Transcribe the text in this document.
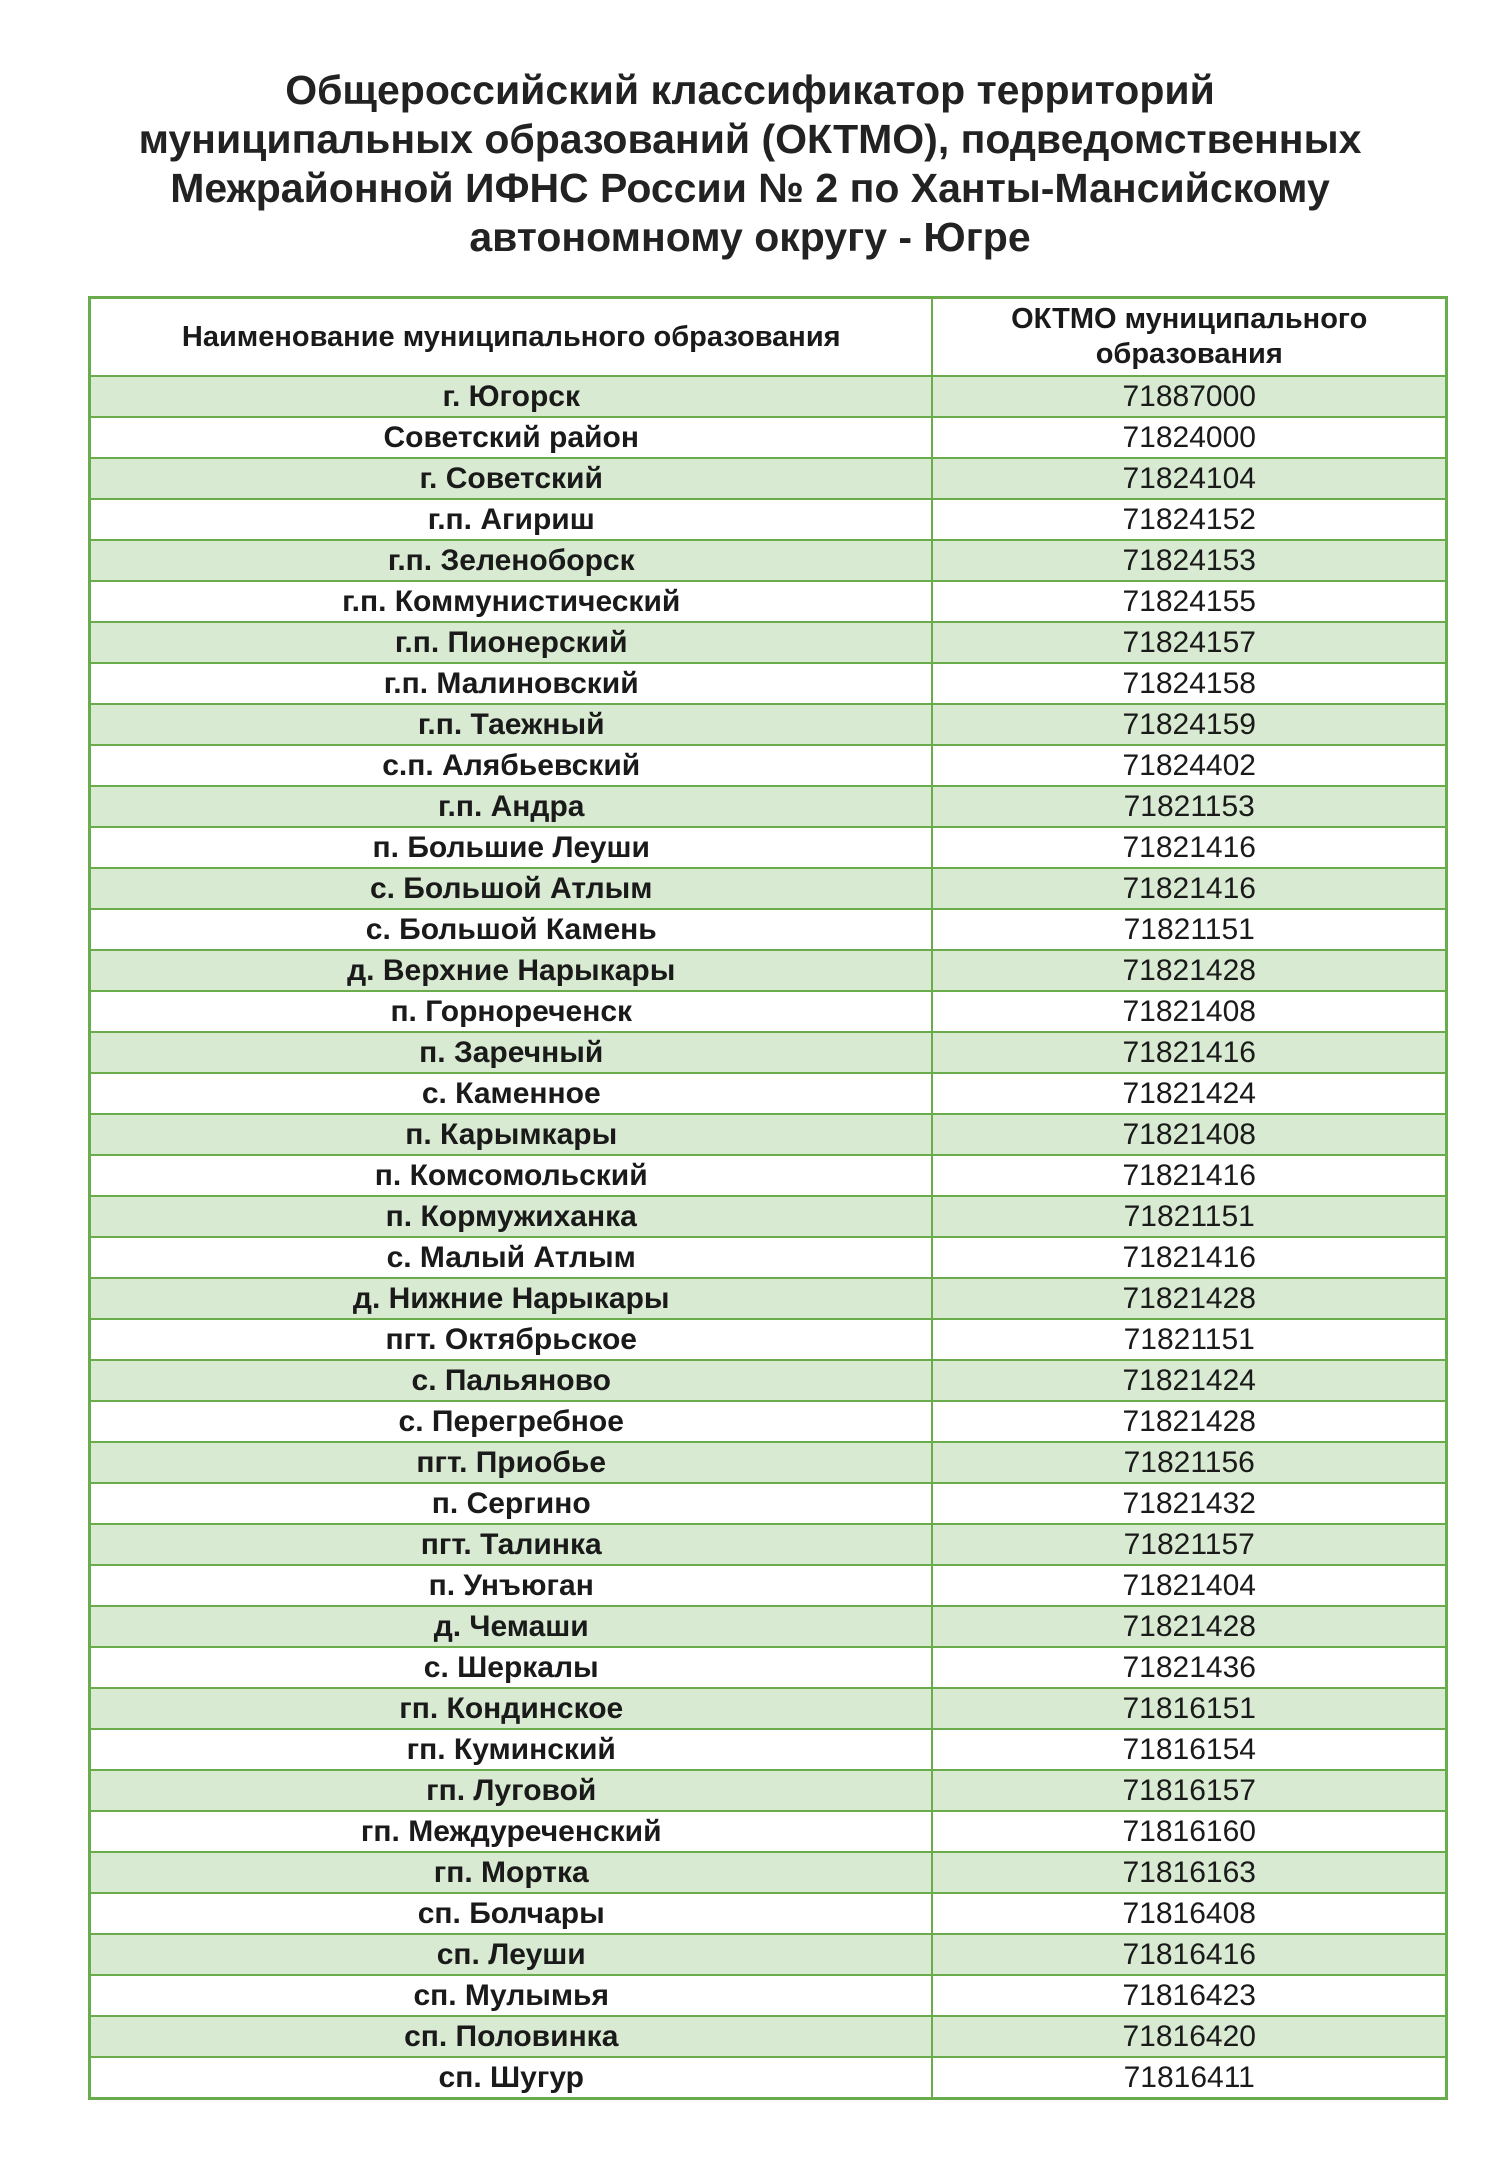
Общероссийский классификатор территорий
муниципальных образований (ОКТМО), подведомственных
Межрайонной ИФНС России № 2 по Ханты-Мансийскому
автономному округу - Югре
Наименование муниципального образования	ОКТМО муниципального
образования
г. Югорск	71887000
Советский район	71824000
г. Советский	71824104
г.п. Агириш	71824152
г.п. Зеленоборск	71824153
г.п. Коммунистический	71824155
г.п. Пионерский	71824157
г.п. Малиновский	71824158
г.п. Таежный	71824159
с.п. Алябьевский	71824402
г.п. Андра	71821153
п. Большие Леуши	71821416
с. Большой Атлым	71821416
с. Большой Камень	71821151
д. Верхние Нарыкары	71821428
п. Горнореченск	71821408
п. Заречный	71821416
с. Каменное	71821424
п. Карымкары	71821408
п. Комсомольский	71821416
п. Кормужиханка	71821151
с. Малый Атлым	71821416
д. Нижние Нарыкары	71821428
пгт. Октябрьское	71821151
с. Пальяново	71821424
с. Перегребное	71821428
пгт. Приобье	71821156
п. Сергино	71821432
пгт. Талинка	71821157
п. Унъюган	71821404
д. Чемаши	71821428
с. Шеркалы	71821436
гп. Кондинское	71816151
гп. Куминский	71816154
гп. Луговой	71816157
гп. Междуреченский	71816160
гп. Мортка	71816163
сп. Болчары	71816408
сп. Леуши	71816416
сп. Мулымья	71816423
сп. Половинка	71816420
сп. Шугур	71816411
